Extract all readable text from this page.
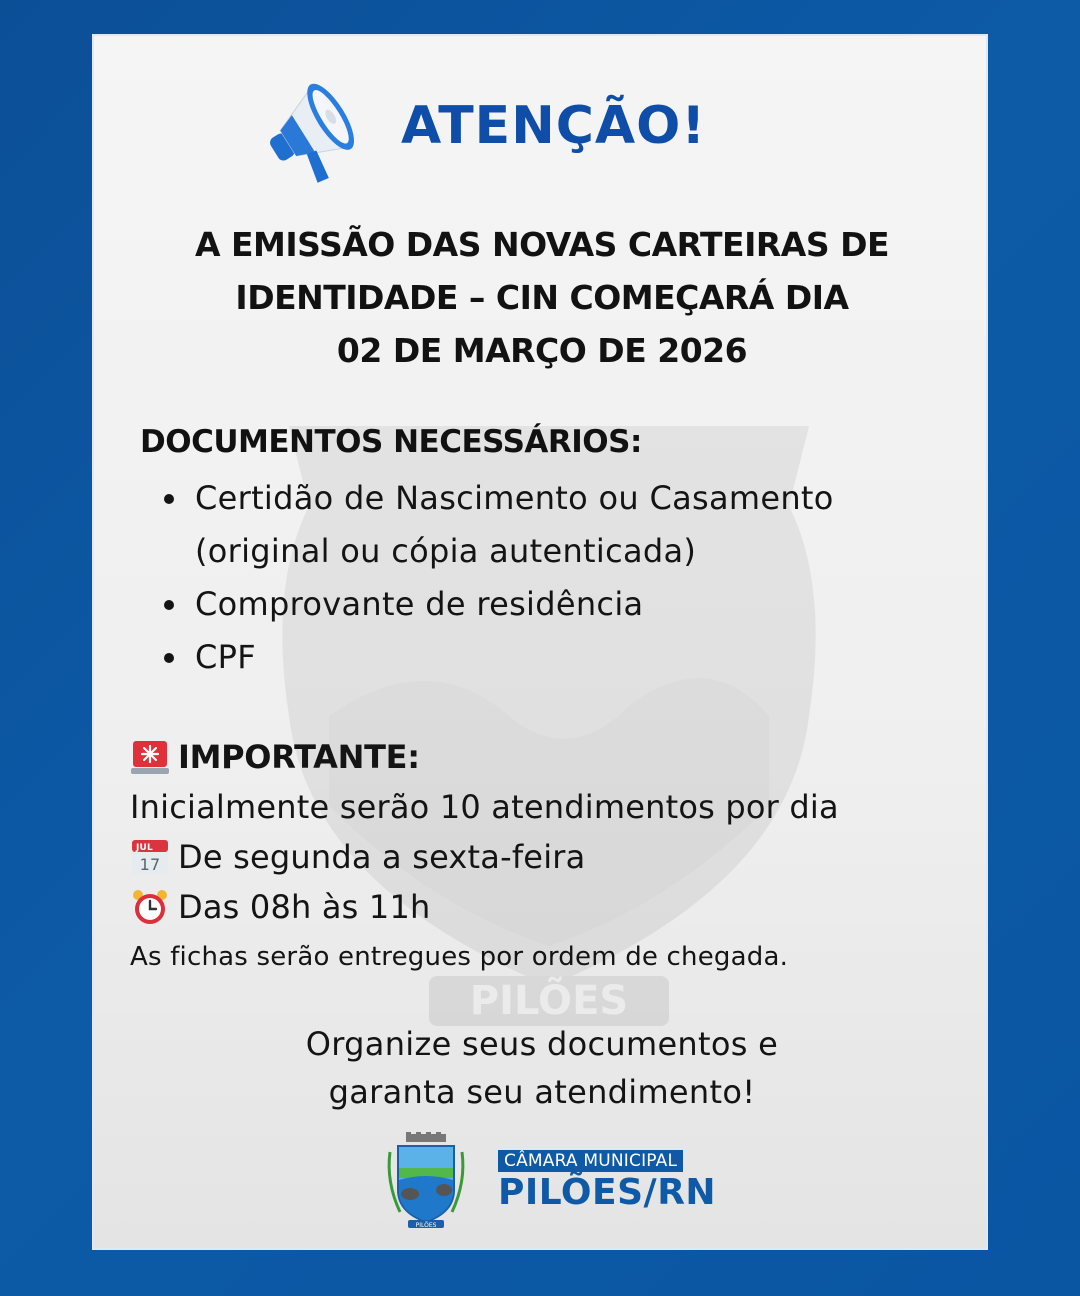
PILÕES
ATENÇÃO!
A EMISSÃO DAS NOVAS CARTEIRAS DE
IDENTIDADE – CIN COMEÇARÁ DIA
02 DE MARÇO DE 2026
DOCUMENTOS NECESSÁRIOS:
Certidão de Nascimento ou Casamento
(original ou cópia autenticada)
Comprovante de residência
CPF
IMPORTANTE:
Inicialmente serão 10 atendimentos por dia
JUL
17 De segunda a sexta-feira
Das 08h às 11h
As fichas serão entregues por ordem de chegada.
Organize seus documentos e
garanta seu atendimento!
PILÕES
CÂMARA MUNICIPAL
PILÕES/RN
